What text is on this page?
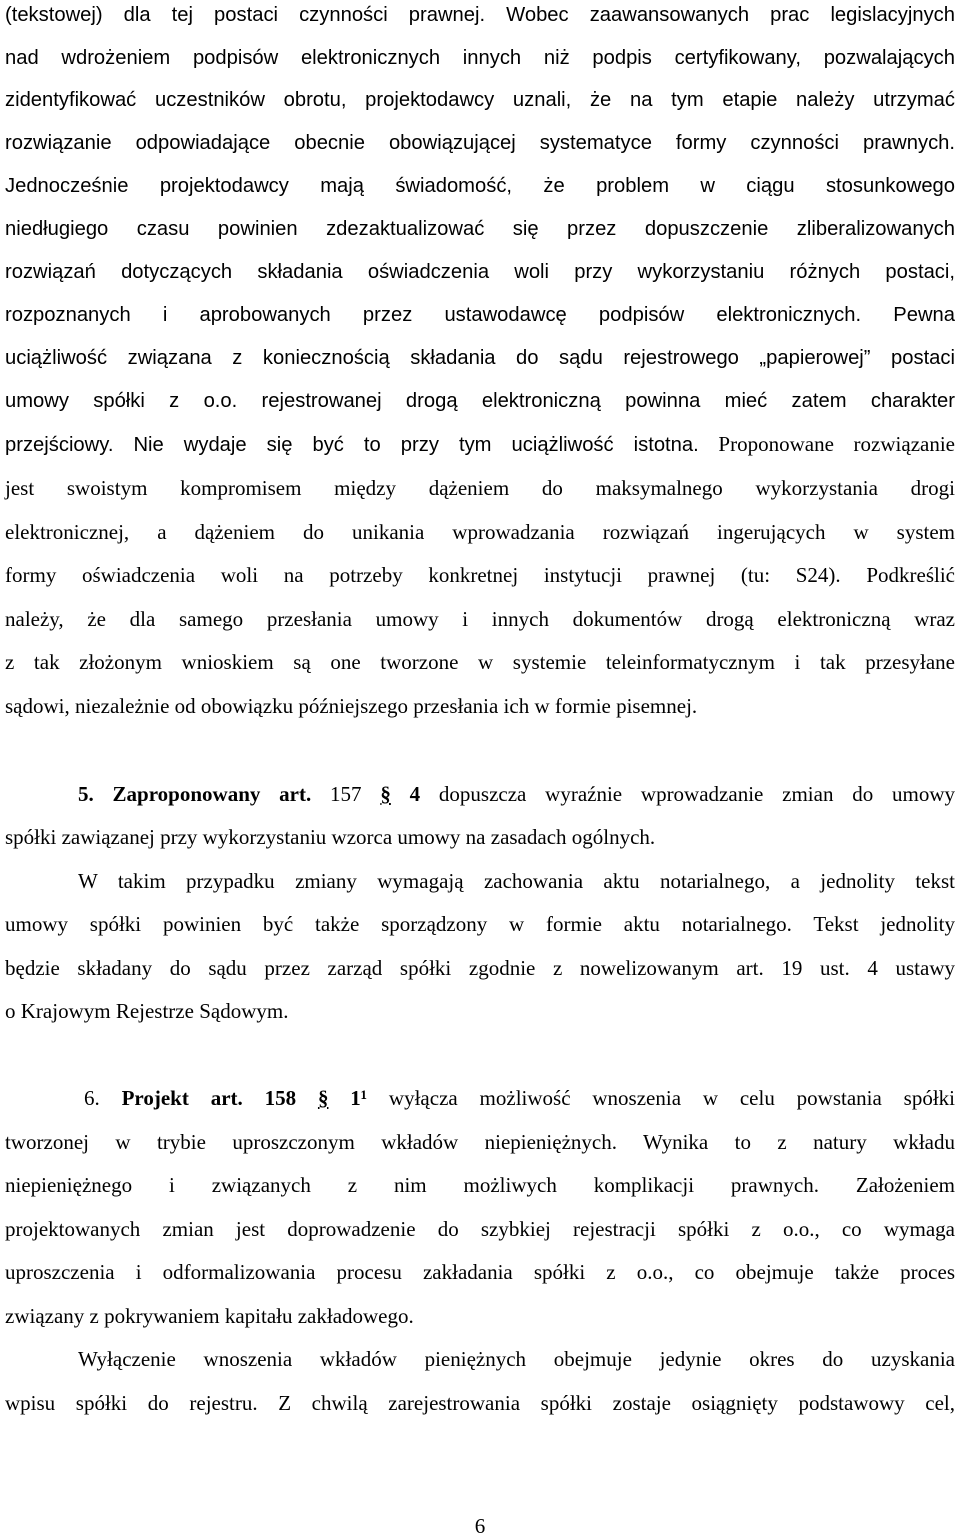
(tekstowej) dla tej postaci czynności prawnej. Wobec zaawansowanych prac legislacyjnych
nad wdrożeniem podpisów elektronicznych innych niż podpis certyfikowany, pozwalających
zidentyfikować uczestników obrotu, projektodawcy uznali, że na tym etapie należy utrzymać
rozwiązanie odpowiadające obecnie obowiązującej systematyce formy czynności prawnych.
Jednocześnie projektodawcy mają świadomość, że problem w ciągu stosunkowego
niedługiego czasu powinien zdezaktualizować się przez dopuszczenie zliberalizowanych
rozwiązań dotyczących składania oświadczenia woli przy wykorzystaniu różnych postaci,
rozpoznanych i aprobowanych przez ustawodawcę podpisów elektronicznych. Pewna
uciążliwość związana z koniecznością składania do sądu rejestrowego „papierowej” postaci
umowy spółki z o.o. rejestrowanej drogą elektroniczną powinna mieć zatem charakter
przejściowy. Nie wydaje się być to przy tym uciążliwość istotna. Proponowane rozwiązanie
jest swoistym kompromisem między dążeniem do maksymalnego wykorzystania drogi
elektronicznej, a dążeniem do unikania wprowadzania rozwiązań ingerujących w system
formy oświadczenia woli na potrzeby konkretnej instytucji prawnej (tu: S24). Podkreślić
należy, że dla samego przesłania umowy i innych dokumentów drogą elektroniczną wraz
z tak złożonym wnioskiem są one tworzone w systemie teleinformatycznym i tak przesyłane
sądowi, niezależnie od obowiązku późniejszego przesłania ich w formie pisemnej.
5. Zaproponowany art. 157 § 4 dopuszcza wyraźnie wprowadzanie zmian do umowy
spółki zawiązanej przy wykorzystaniu wzorca umowy na zasadach ogólnych.
W takim przypadku zmiany wymagają zachowania aktu notarialnego, a jednolity tekst
umowy spółki powinien być także sporządzony w formie aktu notarialnego. Tekst jednolity
będzie składany do sądu przez zarząd spółki zgodnie z nowelizowanym art. 19 ust. 4 ustawy
o Krajowym Rejestrze Sądowym.
6. Projekt art. 158 § 1¹ wyłącza możliwość wnoszenia w celu powstania spółki
tworzonej w trybie uproszczonym wkładów niepieniężnych. Wynika to z natury wkładu
niepieniężnego i związanych z nim możliwych komplikacji prawnych. Założeniem
projektowanych zmian jest doprowadzenie do szybkiej rejestracji spółki z o.o., co wymaga
uproszczenia i odformalizowania procesu zakładania spółki z o.o., co obejmuje także proces
związany z pokrywaniem kapitału zakładowego.
Wyłączenie wnoszenia wkładów pieniężnych obejmuje jedynie okres do uzyskania
wpisu spółki do rejestru. Z chwilą zarejestrowania spółki zostaje osiągnięty podstawowy cel,
6
